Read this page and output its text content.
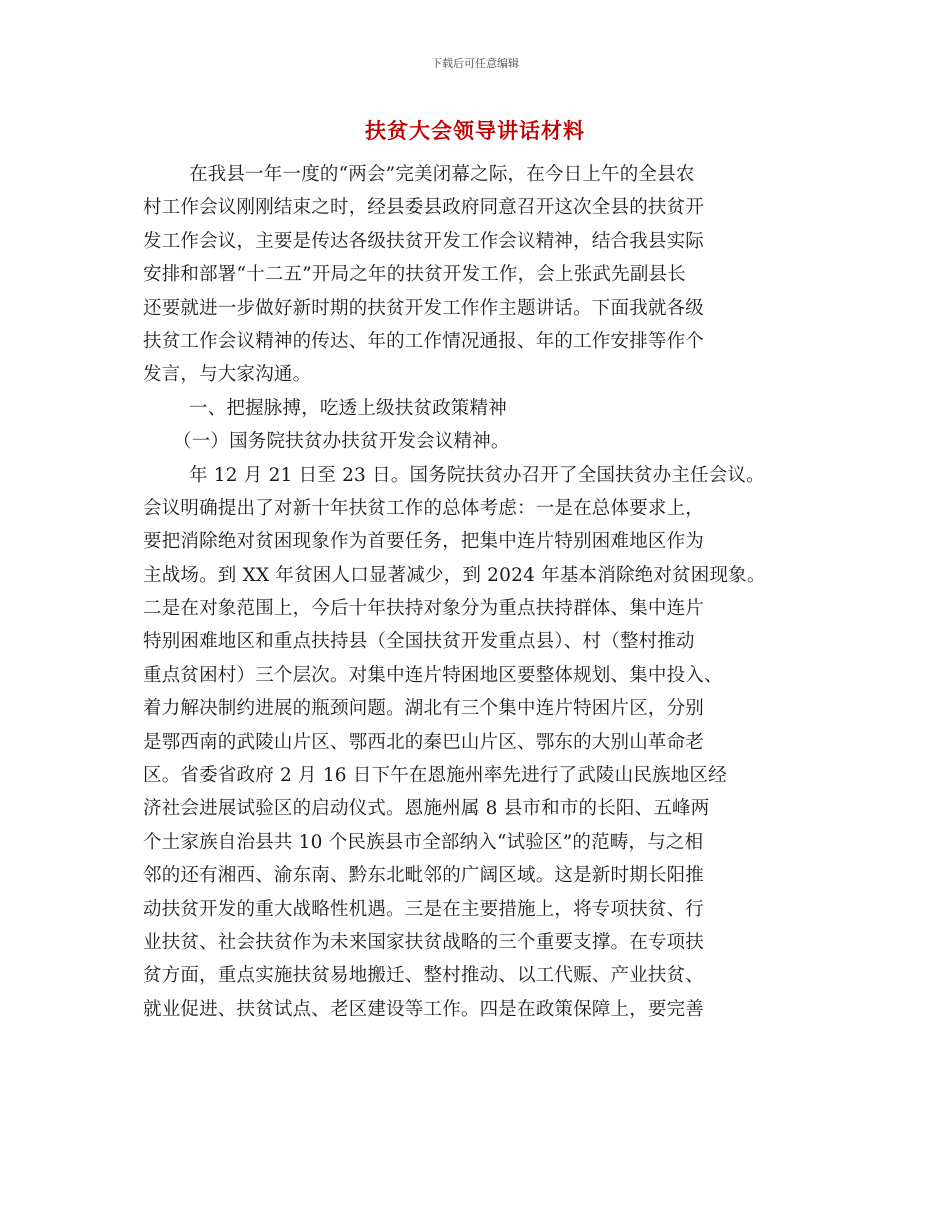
下载后可任意编辑
扶贫大会领导讲话材料
在我县一年一度的“两会”完美闭幕之际，在今日上午的全县农
村工作会议刚刚结束之时，经县委县政府同意召开这次全县的扶贫开
发工作会议，主要是传达各级扶贫开发工作会议精神，结合我县实际
安排和部署“十二五”开局之年的扶贫开发工作，会上张武先副县长
还要就进一步做好新时期的扶贫开发工作作主题讲话。下面我就各级
扶贫工作会议精神的传达、年的工作情况通报、年的工作安排等作个
发言，与大家沟通。
一、把握脉搏，吃透上级扶贫政策精神
（一）国务院扶贫办扶贫开发会议精神。
年 12 月 21 日至 23 日。国务院扶贫办召开了全国扶贫办主任会议。
会议明确提出了对新十年扶贫工作的总体考虑：一是在总体要求上，
要把消除绝对贫困现象作为首要任务，把集中连片特别困难地区作为
主战场。到 XX 年贫困人口显著减少，到 2024 年基本消除绝对贫困现象。
二是在对象范围上，今后十年扶持对象分为重点扶持群体、集中连片
特别困难地区和重点扶持县（全国扶贫开发重点县）、村（整村推动
重点贫困村）三个层次。对集中连片特困地区要整体规划、集中投入、
着力解决制约进展的瓶颈问题。湖北有三个集中连片特困片区，分别
是鄂西南的武陵山片区、鄂西北的秦巴山片区、鄂东的大别山革命老
区。省委省政府 2 月 16 日下午在恩施州率先进行了武陵山民族地区经
济社会进展试验区的启动仪式。恩施州属 8 县市和市的长阳、五峰两
个土家族自治县共 10 个民族县市全部纳入“试验区”的范畴，与之相
邻的还有湘西、渝东南、黔东北毗邻的广阔区域。这是新时期长阳推
动扶贫开发的重大战略性机遇。三是在主要措施上，将专项扶贫、行
业扶贫、社会扶贫作为未来国家扶贫战略的三个重要支撑。在专项扶
贫方面，重点实施扶贫易地搬迁、整村推动、以工代赈、产业扶贫、
就业促进、扶贫试点、老区建设等工作。四是在政策保障上，要完善
